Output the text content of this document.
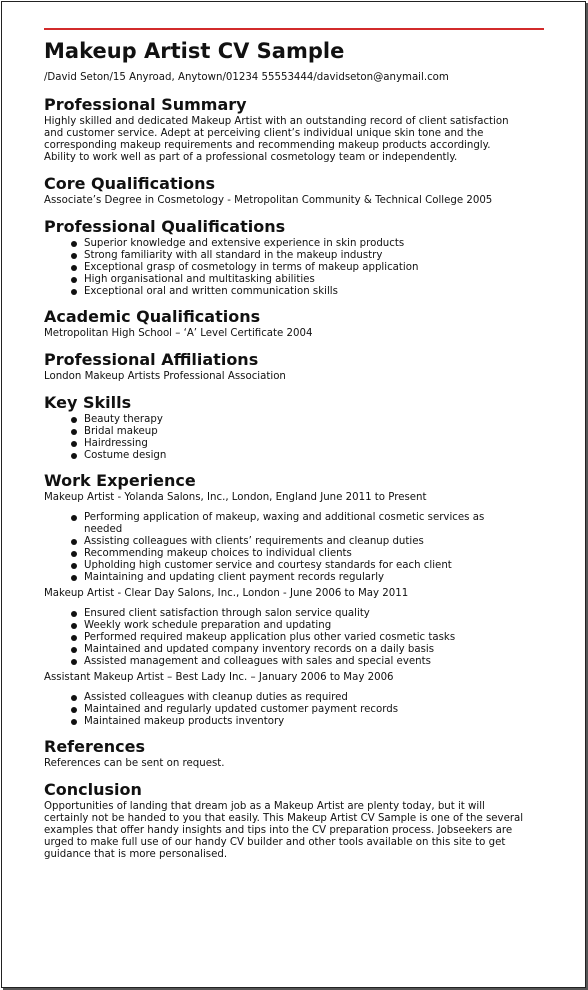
Makeup Artist CV Sample
/David Seton/15 Anyroad, Anytown/01234 55553444/davidseton@anymail.com
Professional Summary
Highly skilled and dedicated Makeup Artist with an outstanding record of client satisfaction
and customer service. Adept at perceiving client’s individual unique skin tone and the
corresponding makeup requirements and recommending makeup products accordingly.
Ability to work well as part of a professional cosmetology team or independently.
Core Qualifications

Associate’s Degree in Cosmetology - Metropolitan Community & Technical College 2005

Professional Qualifications
Superior knowledge and extensive experience in skin products
Strong familiarity with all standard in the makeup industry
Exceptional grasp of cosmetology in terms of makeup application
High organisational and multitasking abilities
Exceptional oral and written communication skills
Academic Qualifications

Metropolitan High School – ‘A’ Level Certificate 2004

Professional Affiliations

London Makeup Artists Professional Association

Key Skills
Beauty therapy
Bridal makeup
Hairdressing
Costume design
Work Experience

Makeup Artist - Yolanda Salons, Inc., London, England June 2011 to Present

Performing application of makeup, waxing and additional cosmetic services as
needed
Assisting colleagues with clients’ requirements and cleanup duties
Recommending makeup choices to individual clients
Upholding high customer service and courtesy standards for each client
Maintaining and updating client payment records regularly

Makeup Artist - Clear Day Salons, Inc., London - June 2006 to May 2011

Ensured client satisfaction through salon service quality
Weekly work schedule preparation and updating
Performed required makeup application plus other varied cosmetic tasks
Maintained and updated company inventory records on a daily basis
Assisted management and colleagues with sales and special events

Assistant Makeup Artist – Best Lady Inc. – January 2006 to May 2006

Assisted colleagues with cleanup duties as required
Maintained and regularly updated customer payment records
Maintained makeup products inventory
References

References can be sent on request.

Conclusion
Opportunities of landing that dream job as a Makeup Artist are plenty today, but it will
certainly not be handed to you that easily. This Makeup Artist CV Sample is one of the several
examples that offer handy insights and tips into the CV preparation process. Jobseekers are
urged to make full use of our handy CV builder and other tools available on this site to get
guidance that is more personalised.
